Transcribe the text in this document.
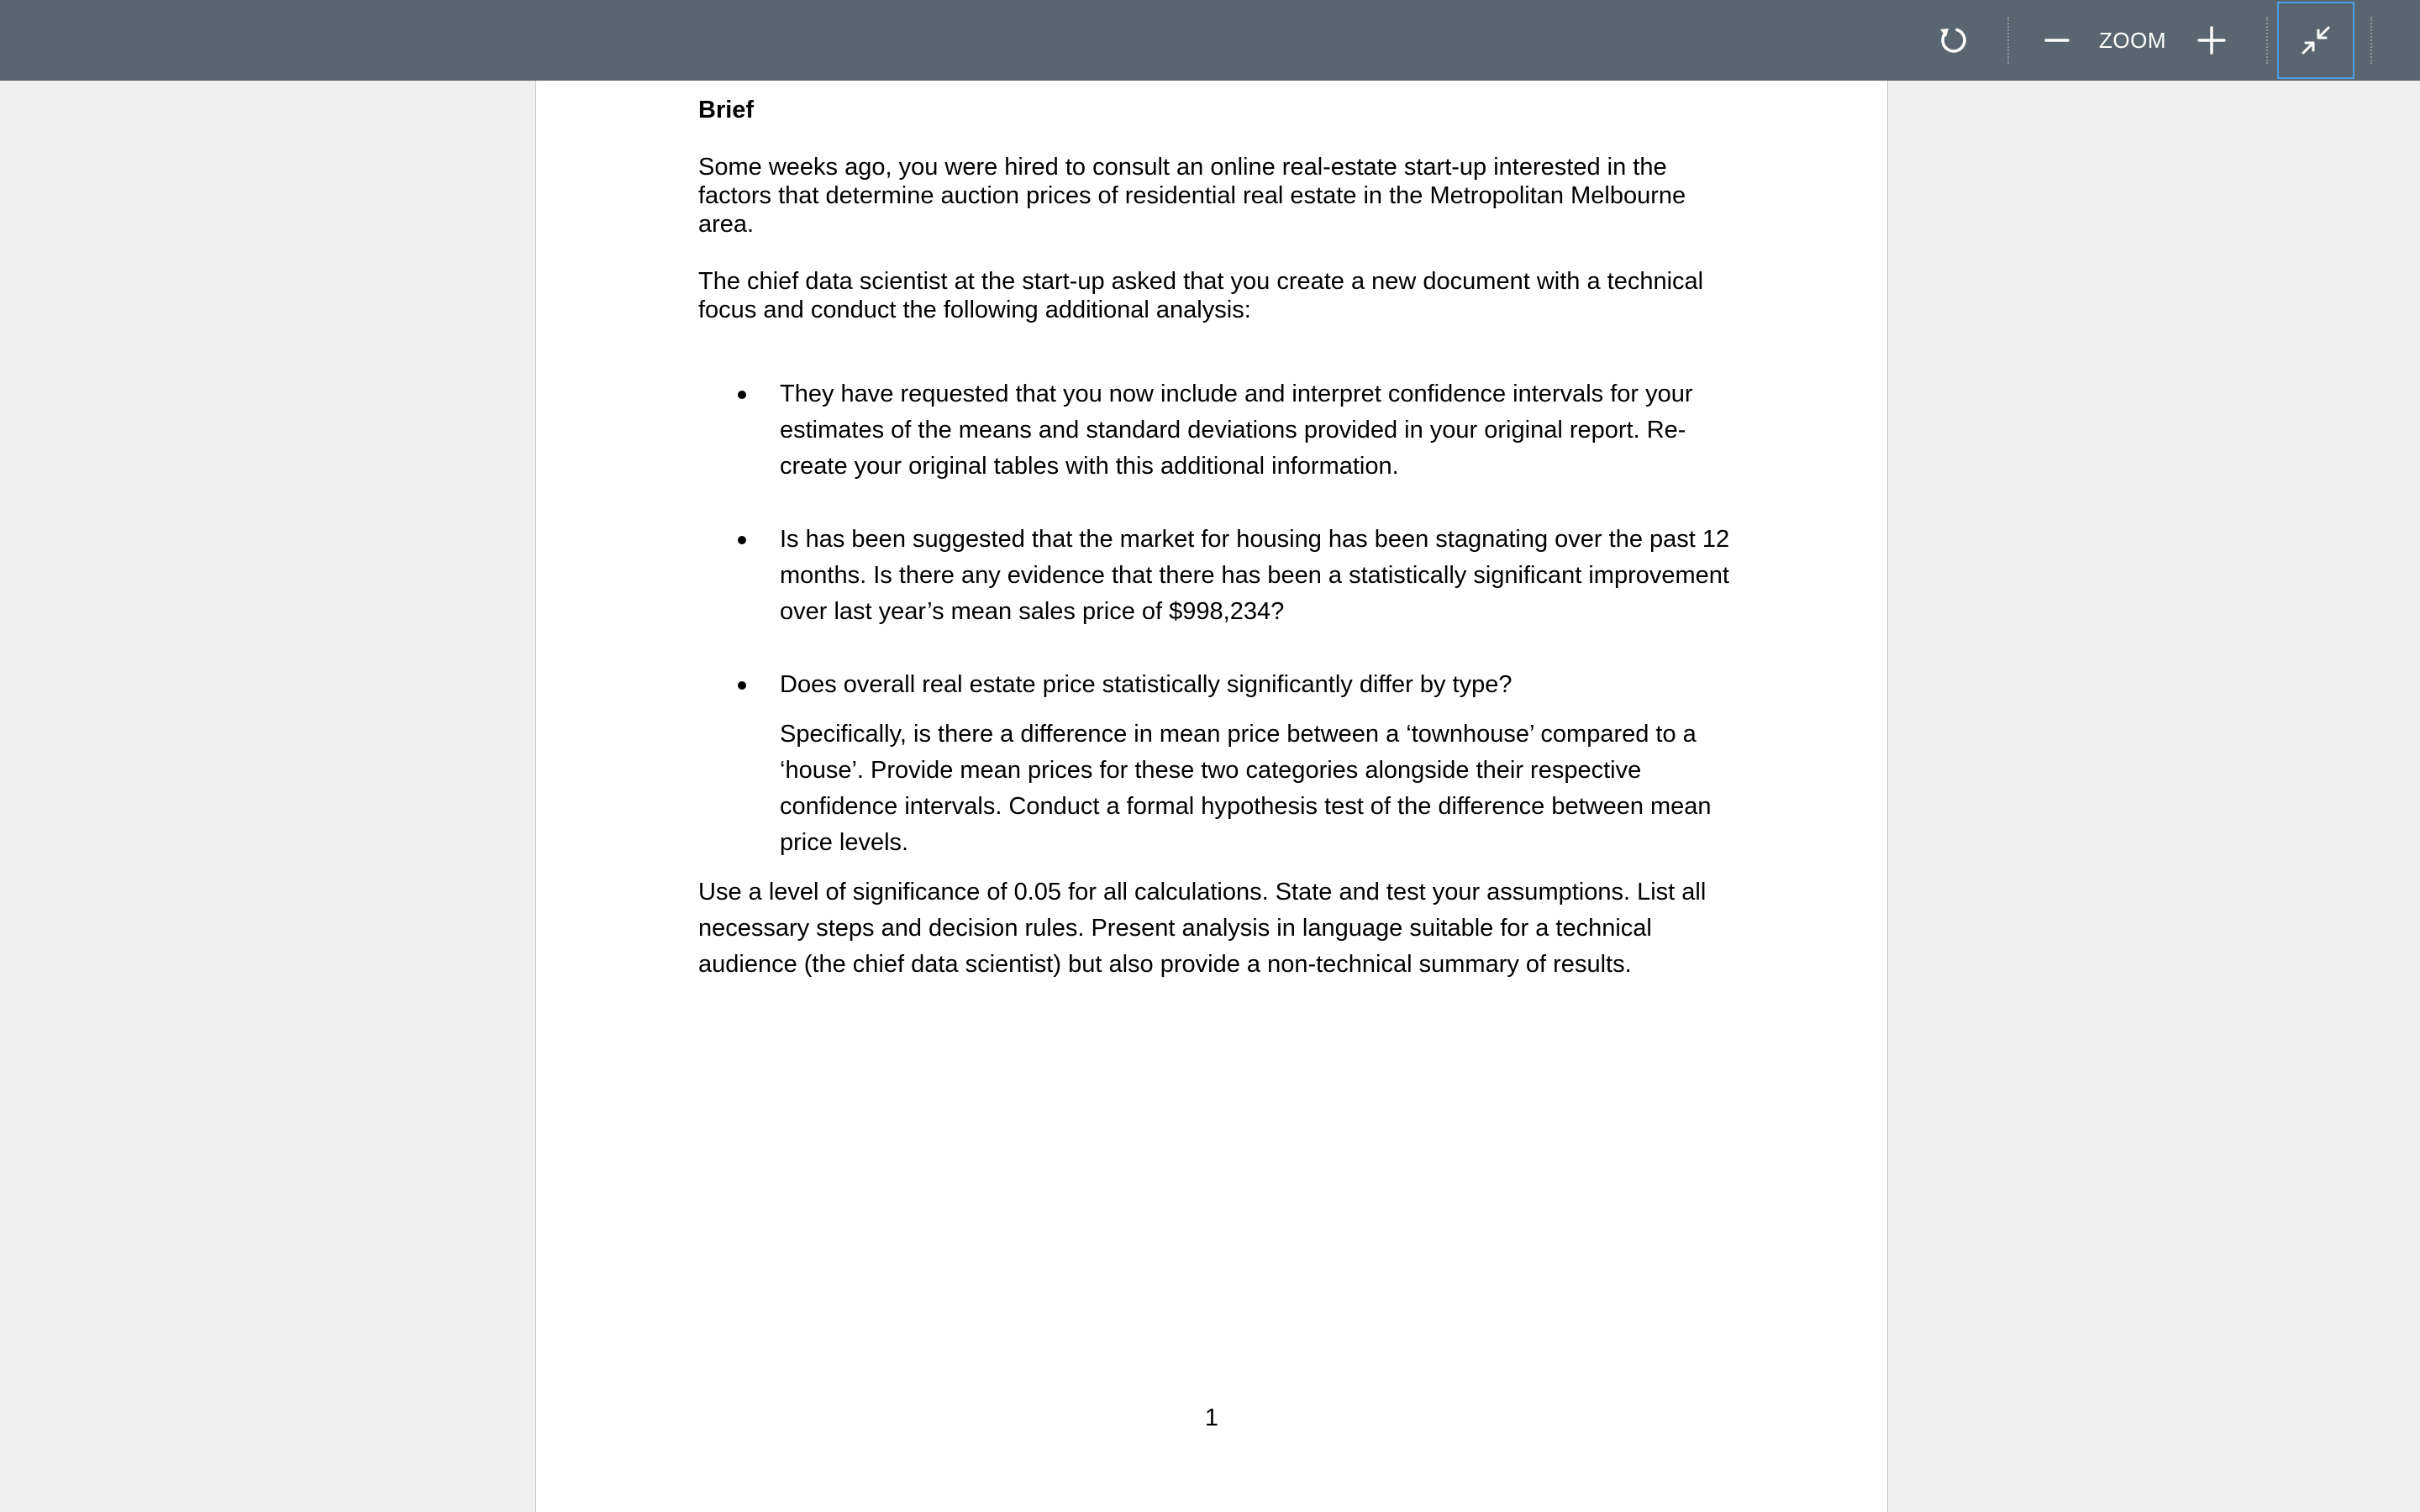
ZOOM
Brief

Some weeks ago, you were hired to consult an online real-estate start-up interested in the factors that determine auction prices of residential real estate in the Metropolitan Melbourne area.

The chief data scientist at the start-up asked that you create a new document with a technical focus and conduct the following additional analysis:

They have requested that you now include and interpret confidence intervals for your estimates of the means and standard deviations provided in your original report. Re-create your original tables with this additional information.
Is has been suggested that the market for housing has been stagnating over the past 12 months. Is there any evidence that there has been a statistically significant improvement over last year’s mean sales price of $998,234?
Does overall real estate price statistically significantly differ by type?
Specifically, is there a difference in mean price between a ‘townhouse’ compared to a ‘house’. Provide mean prices for these two categories alongside their respective confidence intervals. Conduct a formal hypothesis test of the difference between mean price levels.

Use a level of significance of 0.05 for all calculations. State and test your assumptions. List all necessary steps and decision rules. Present analysis in language suitable for a technical audience (the chief data scientist) but also provide a non-technical summary of results.

1
